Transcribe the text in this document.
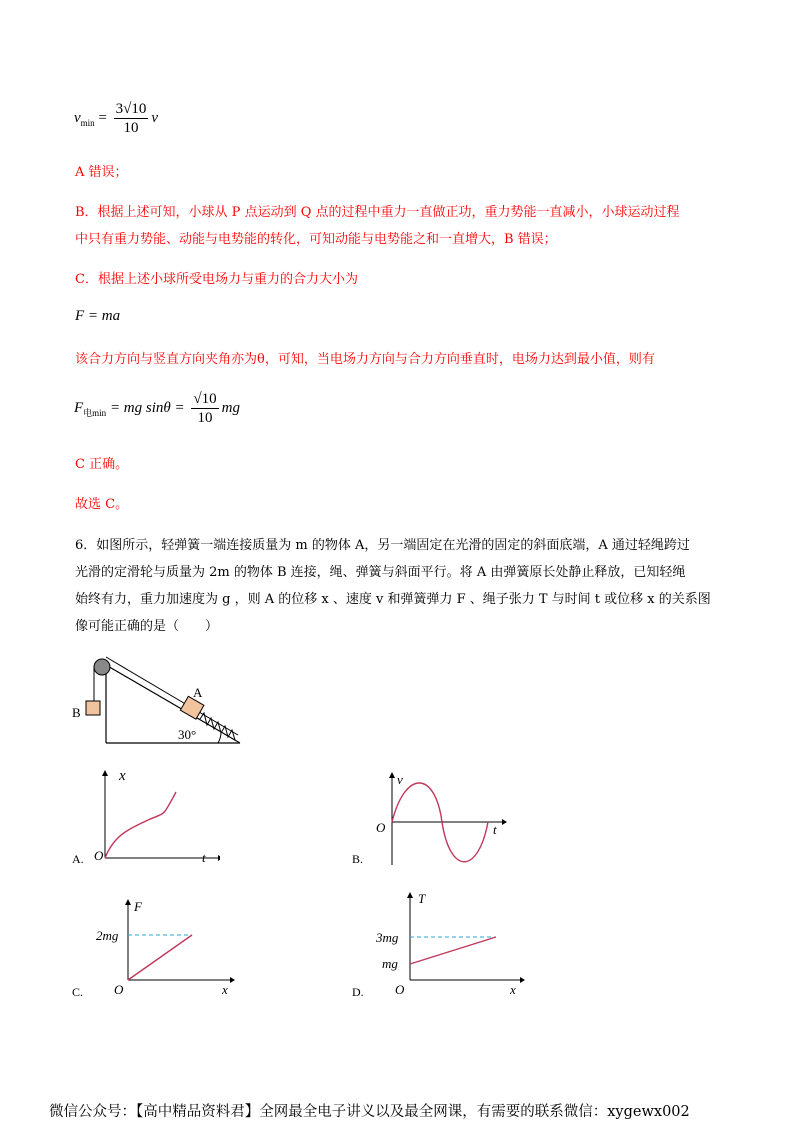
$v_{min} = \frac{3√10}{10}$ v
A 错误；
B．根据上述可知，小球从 P 点运动到 Q 点的过程中重力一直做正功，重力势能一直减小，小球运动过程
中只有重力势能、动能与电势能的转化，可知动能与电势能之和一直增大，B 错误；
C．根据上述小球所受电场力与重力的合力大小为
F = ma
该合力方向与竖直方向夹角亦为θ，可知，当电场力方向与合力方向垂直时，电场力达到最小值，则有
$F_{电min}$ = mg $\sin\theta = \frac{√10}{10}$ mg
C 正确。
故选 C。
6．如图所示，轻弹簧一端连接质量为 m 的物体 A，另一端固定在光滑的固定的斜面底端，A 通过轻绳跨过
光滑的定滑轮与质量为 2m 的物体 B 连接，绳、弹簧与斜面平行。将 A 由弹簧原长处静止释放，已知轻绳
始终有力，重力加速度为 g ，则 A 的位移 x 、速度 v 和弹簧弹力 F 、绳子张力 T 与时间 t 或位移 x 的关系图
像可能正确的是（　　）
B
A
30°
x
t
O
A.
v
t
O
B.
F
2mg
x
O
C.
T
3mg
mg
x
O
D.
微信公众号：【高中精品资料君】全网最全电子讲义以及最全网课，有需要的联系微信：xygewx002
